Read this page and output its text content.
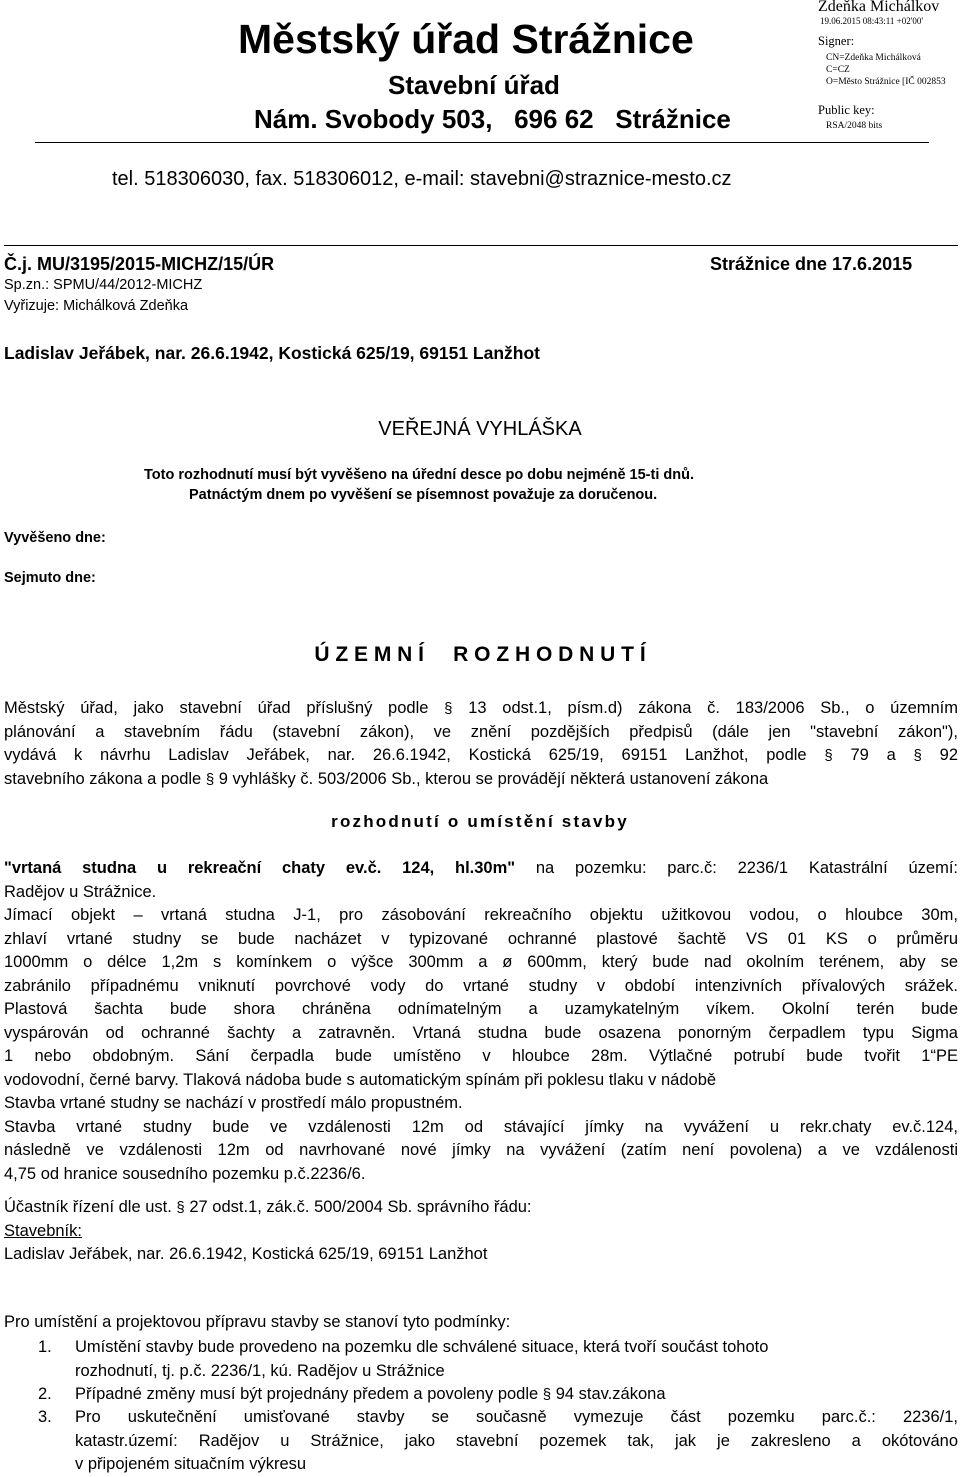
Městský úřad Strážnice
Stavební úřad
Nám. Svobody 503,   696 62   Strážnice
Zdeňka Michálkov
19.06.2015 08:43:11 +02'00'
Signer:
CN=Zdeňka Michálková
C=CZ
O=Město Strážnice [IČ 002853
Public key:
RSA/2048 bits
tel. 518306030, fax. 518306012, e-mail: stavebni@straznice-mesto.cz
Č.j. MU/3195/2015-MICHZ/15/ÚR	Strážnice dne 17.6.2015
Sp.zn.: SPMU/44/2012-MICHZ
Vyřizuje: Michálková Zdeňka
Ladislav Jeřábek, nar. 26.6.1942, Kostická 625/19, 69151 Lanžhot
VEŘEJNÁ VYHLÁŠKA
Toto rozhodnutí musí být vyvěšeno na úřední desce po dobu nejméně 15-ti dnů.
Patnáctým dnem po vyvěšení se písemnost považuje za doručenou.
Vyvěšeno dne:
Sejmuto dne:
Ú Z E M N Í     R O Z H O D N U T Í
Městský úřad, jako stavební úřad příslušný podle § 13 odst.1, písm.d) zákona č. 183/2006 Sb., o územním
plánování a stavebním řádu (stavební zákon), ve znění pozdějších předpisů (dále jen "stavební zákon"),
vydává k návrhu Ladislav Jeřábek, nar. 26.6.1942, Kostická 625/19, 69151 Lanžhot, podle § 79 a § 92
stavebního zákona a podle § 9 vyhlášky č. 503/2006 Sb., kterou se provádějí některá ustanovení zákona
rozhodnutí o umístění stavby
"vrtaná studna u rekreační chaty ev.č. 124, hl.30m" na pozemku: parc.č: 2236/1 Katastrální území:
Radějov u Strážnice.
Jímací objekt – vrtaná studna J-1, pro zásobování rekreačního objektu užitkovou vodou, o hloubce 30m,
zhlaví vrtané studny se bude nacházet v typizované ochranné plastové šachtě VS 01 KS o průměru
1000mm o délce 1,2m s komínkem o výšce 300mm a ø 600mm, který bude nad okolním terénem, aby se
zabránilo případnému vniknutí povrchové vody do vrtané studny v období intenzivních přívalových srážek.
Plastová šachta bude shora chráněna odnímatelným a uzamykatelným víkem. Okolní terén bude
vyspárován od ochranné šachty a zatravněn. Vrtaná studna bude osazena ponorným čerpadlem typu Sigma
1 nebo obdobným. Sání čerpadla bude umístěno v hloubce 28m. Výtlačné potrubí bude tvořit 1“PE
vodovodní, černé barvy. Tlaková nádoba bude s automatickým spínám při poklesu tlaku v nádobě
Stavba vrtané studny se nachází v prostředí málo propustném.
Stavba vrtané studny bude ve vzdálenosti 12m od stávající jímky na vyvážení u rekr.chaty ev.č.124,
následně ve vzdálenosti 12m od navrhované nové jímky na vyvážení (zatím není povolena) a ve vzdálenosti
4,75 od hranice sousedního pozemku p.č.2236/6.
Účastník řízení dle ust. § 27 odst.1, zák.č. 500/2004 Sb. správního řádu:
Stavebník:
Ladislav Jeřábek, nar. 26.6.1942, Kostická 625/19, 69151 Lanžhot
Pro umístění a projektovou přípravu stavby se stanoví tyto podmínky:
1. Umístění stavby bude provedeno na pozemku dle schválené situace, která tvoří součást tohoto
rozhodnutí, tj. p.č. 2236/1, kú. Radějov u Strážnice
2. Případné změny musí být projednány předem a povoleny podle § 94 stav.zákona
3. Pro uskutečnění umisťované stavby se současně vymezuje část pozemku parc.č.: 2236/1,
katastr.území: Radějov u Strážnice, jako stavební pozemek tak, jak je zakresleno a okótováno
v připojeném situačním výkresu
